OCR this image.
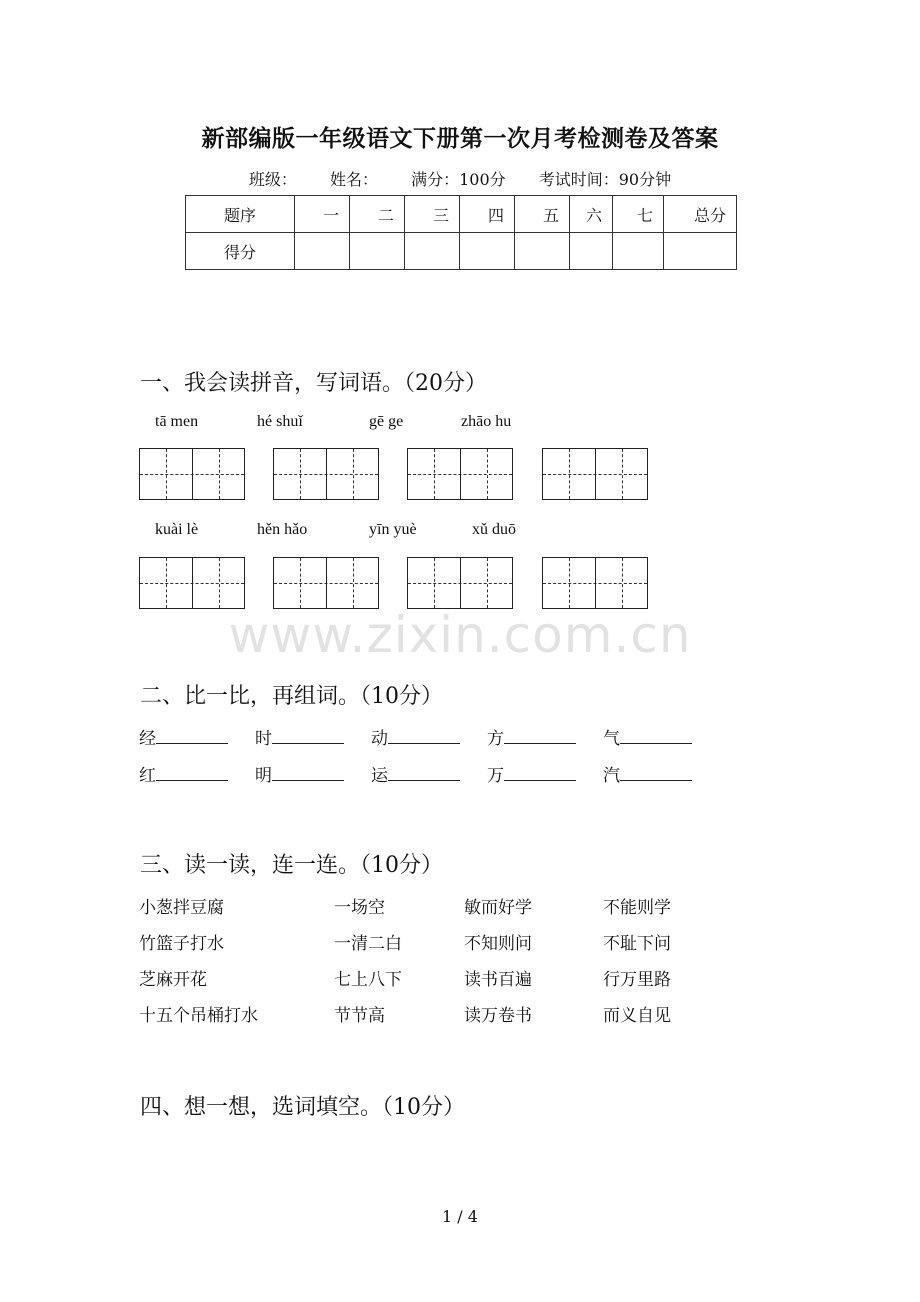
新部编版一年级语文下册第一次月考检测卷及答案
班级： 姓名： 满分：100分 考试时间：90分钟
题序	一	二	三	四	五	六	七	总分
得分								
一、我会读拼音，写词语。（20分）
tā men	hé shuǐ	gē ge	zhāo hu
kuài lè	hěn hǎo	yīn yuè	xǔ duō
www.zixin.com.cn
二、比一比，再组词。（10分）
经	时	动	方	气
红	明	运	万	汽
三、读一读，连一连。（10分）
小葱拌豆腐	一场空	敏而好学	不能则学
竹篮子打水	一清二白	不知则问	不耻下问
芝麻开花	七上八下	读书百遍	行万里路
十五个吊桶打水	节节高	读万卷书	而义自见
四、想一想，选词填空。（10分）
1 / 4
